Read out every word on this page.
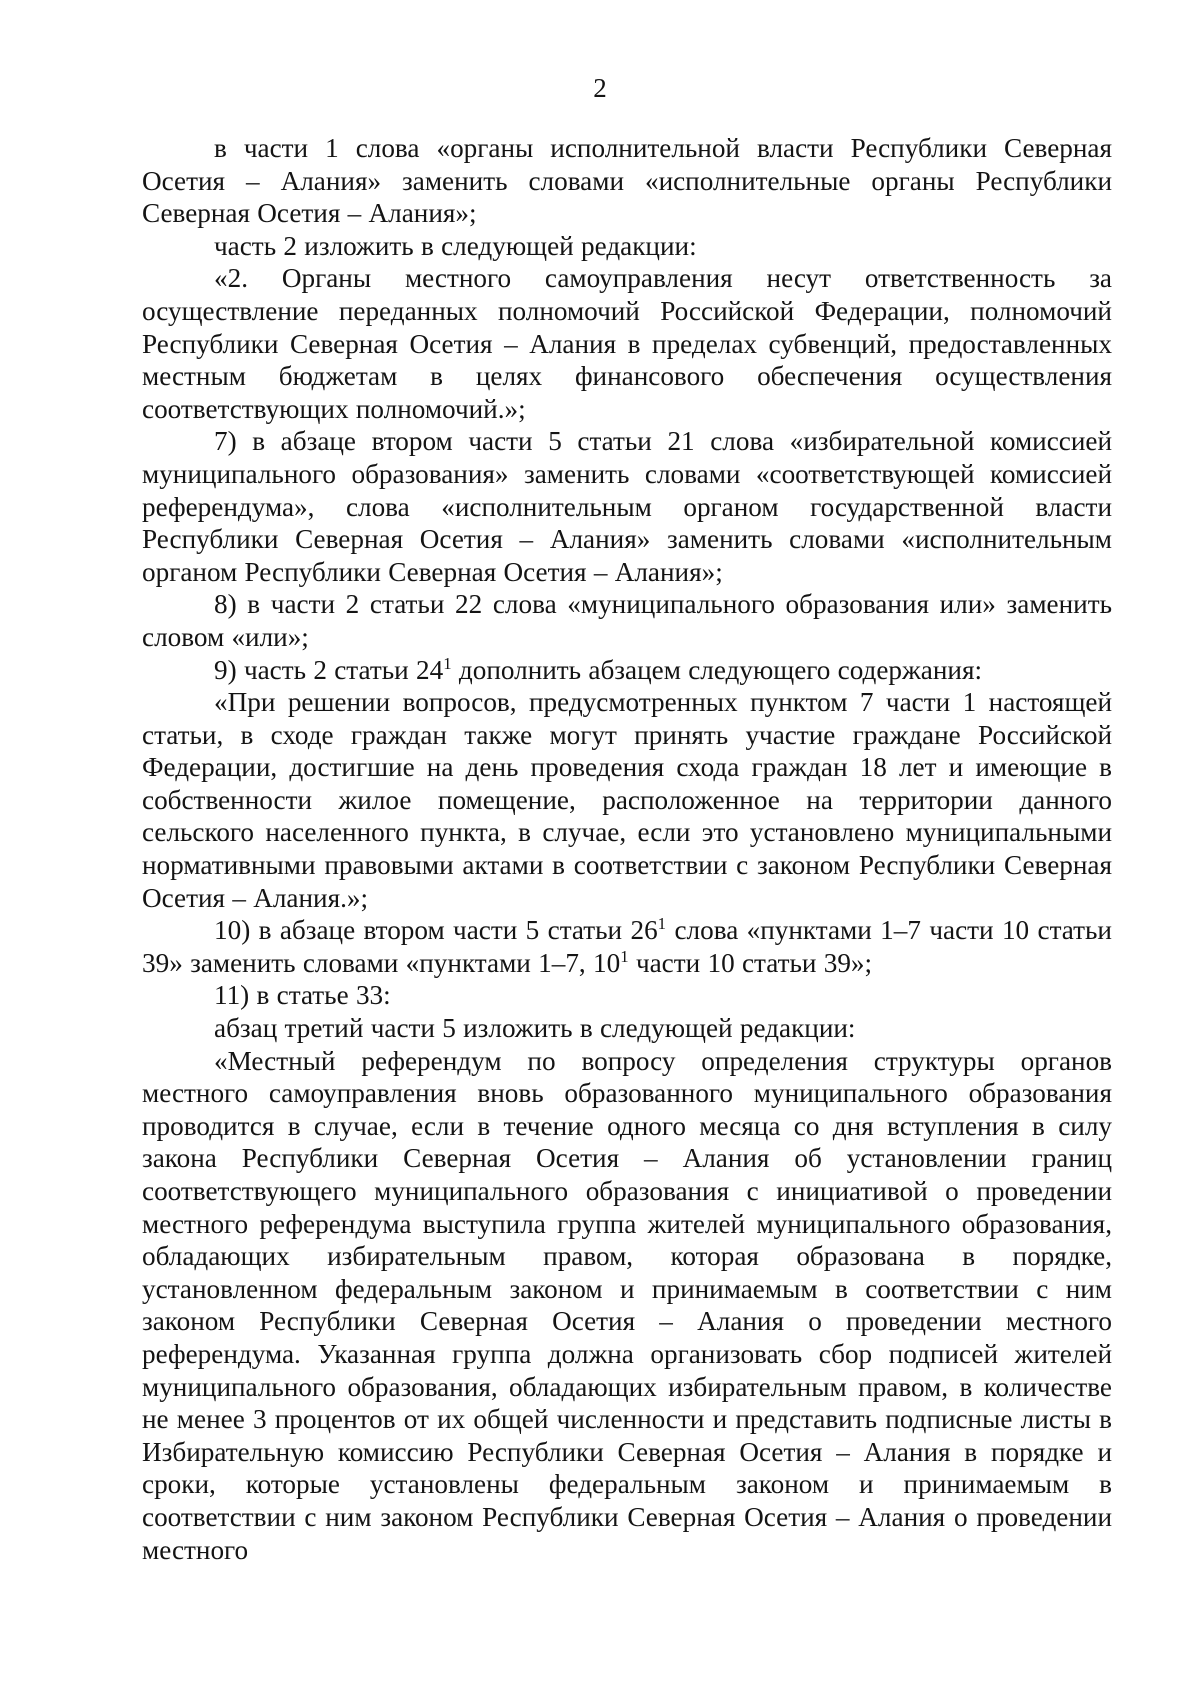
2

в части 1 слова «органы исполнительной власти Республики Северная Осетия – Алания» заменить словами «исполнительные органы Республики Северная Осетия – Алания»;

часть 2 изложить в следующей редакции:

«2. Органы местного самоуправления несут ответственность за осуществление переданных полномочий Российской Федерации, полномочий Республики Северная Осетия – Алания в пределах субвенций, предоставленных местным бюджетам в целях финансового обеспечения осуществления соответствующих полномочий.»;

7) в абзаце втором части 5 статьи 21 слова «избирательной комиссией муниципального образования» заменить словами «соответствующей комиссией референдума», слова «исполнительным органом государственной власти Республики Северная Осетия – Алания» заменить словами «исполнительным органом Республики Северная Осетия – Алания»;

8) в части 2 статьи 22 слова «муниципального образования или» заменить словом «или»;

9) часть 2 статьи $24^1$ дополнить абзацем следующего содержания:

«При решении вопросов, предусмотренных пунктом 7 части 1 настоящей статьи, в сходе граждан также могут принять участие граждане Российской Федерации, достигшие на день проведения схода граждан 18 лет и имеющие в собственности жилое помещение, расположенное на территории данного сельского населенного пункта, в случае, если это установлено муниципальными нормативными правовыми актами в соответствии с законом Республики Северная Осетия – Алания.»;

10) в абзаце втором части 5 статьи $26^1$ слова «пунктами 1–7 части 10 статьи 39» заменить словами «пунктами 1–7, $10^1$ части 10 статьи 39»;

11) в статье 33:

абзац третий части 5 изложить в следующей редакции:

«Местный референдум по вопросу определения структуры органов местного самоуправления вновь образованного муниципального образования проводится в случае, если в течение одного месяца со дня вступления в силу закона Республики Северная Осетия – Алания об установлении границ соответствующего муниципального образования с инициативой о проведении местного референдума выступила группа жителей муниципального образования, обладающих избирательным правом, которая образована в порядке, установленном федеральным законом и принимаемым в соответствии с ним законом Республики Северная Осетия – Алания о проведении местного референдума. Указанная группа должна организовать сбор подписей жителей муниципального образования, обладающих избирательным правом, в количестве не менее 3 процентов от их общей численности и представить подписные листы в Избирательную комиссию Республики Северная Осетия – Алания в порядке и сроки, которые установлены федеральным законом и принимаемым в соответствии с ним законом Республики Северная Осетия – Алания о проведении местного
